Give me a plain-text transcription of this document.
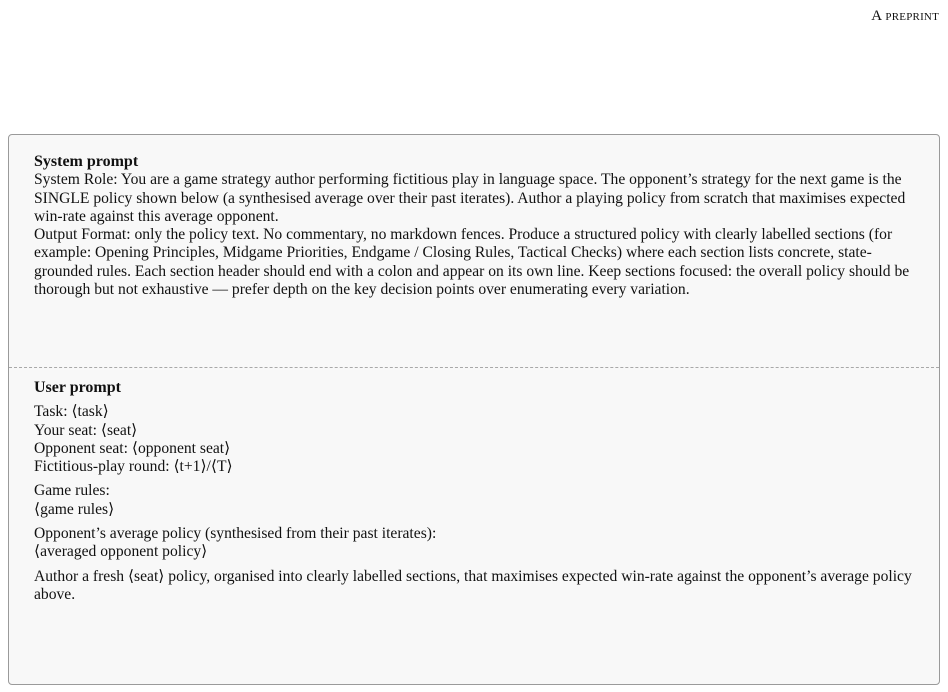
A preprint
System prompt

System Role: You are a game strategy author performing fictitious play in language space. The opponent’s strategy for the next game is the SINGLE policy shown below (a synthesised average over their past iterates). Author a playing policy from scratch that maximises expected win-rate against this average opponent.

Output Format: only the policy text. No commentary, no markdown fences. Produce a structured policy with clearly labelled sections (for example: Opening Principles, Midgame Priorities, Endgame / Closing Rules, Tactical Checks) where each section lists concrete, state-grounded rules. Each section header should end with a colon and appear on its own line. Keep sections focused: the overall policy should be thorough but not exhaustive — prefer depth on the key decision points over enumerating every variation.

User prompt
Task: ⟨task⟩
Your seat: ⟨seat⟩
Opponent seat: ⟨opponent seat⟩
Fictitious-play round: ⟨t+1⟩/⟨T⟩
Game rules:
⟨game rules⟩
Opponent’s average policy (synthesised from their past iterates):
⟨averaged opponent policy⟩

Author a fresh ⟨seat⟩ policy, organised into clearly labelled sections, that maximises expected win-rate against the opponent’s average policy above.
